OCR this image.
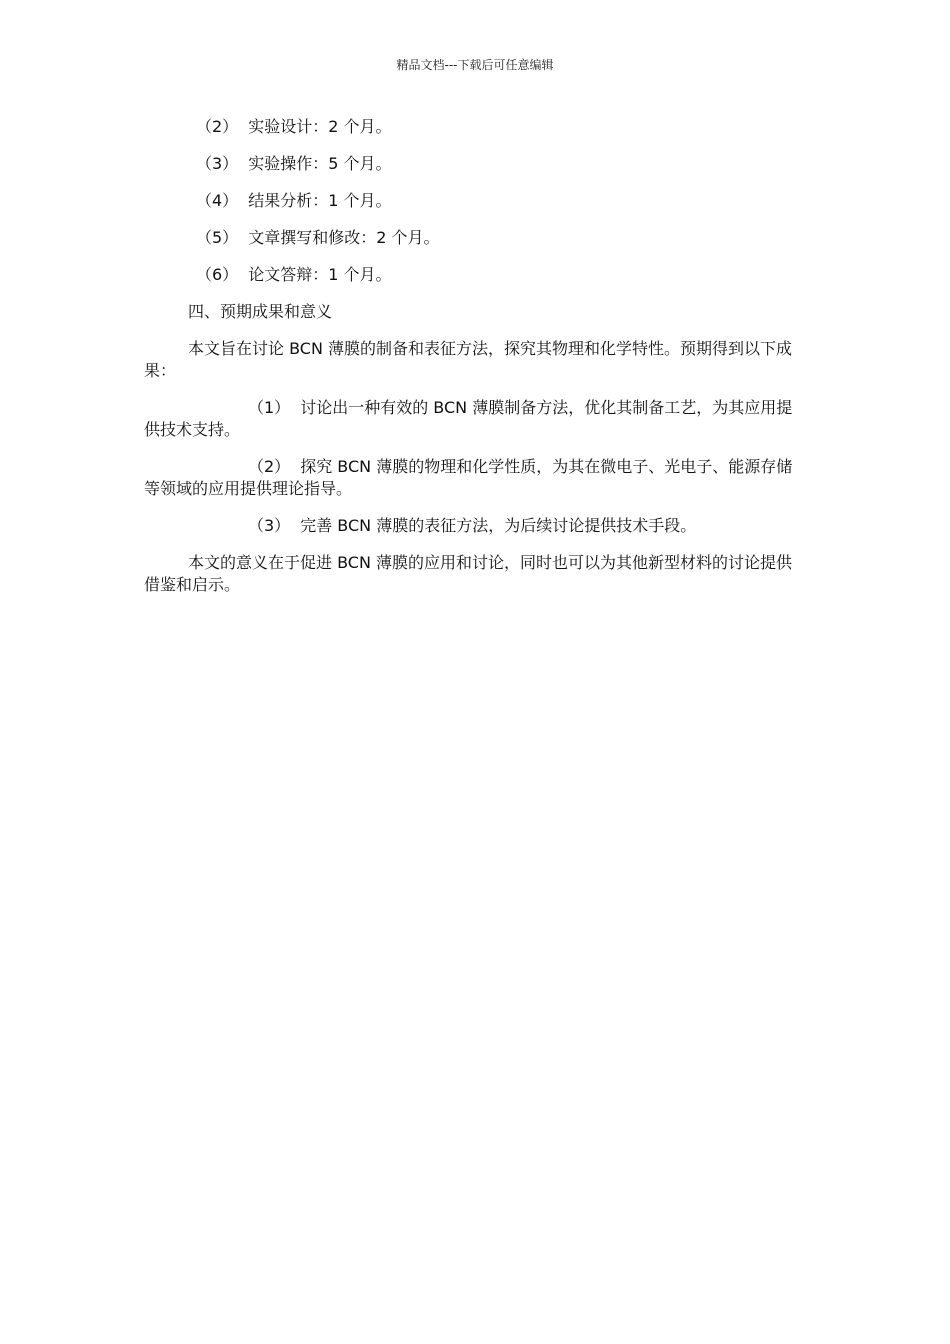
精品文档---下载后可任意编辑
（2） 实验设计：2 个月。
（3） 实验操作：5 个月。
（4） 结果分析：1 个月。
（5） 文章撰写和修改：2 个月。
（6） 论文答辩：1 个月。
四、预期成果和意义

本文旨在讨论 BCN 薄膜的制备和表征方法，探究其物理和化学特性。预期得到以下成果：

（1） 讨论出一种有效的 BCN 薄膜制备方法，优化其制备工艺，为其应用提供技术支持。

（2） 探究 BCN 薄膜的物理和化学性质，为其在微电子、光电子、能源存储等领域的应用提供理论指导。

（3） 完善 BCN 薄膜的表征方法，为后续讨论提供技术手段。

本文的意义在于促进 BCN 薄膜的应用和讨论，同时也可以为其他新型材料的讨论提供借鉴和启示。
